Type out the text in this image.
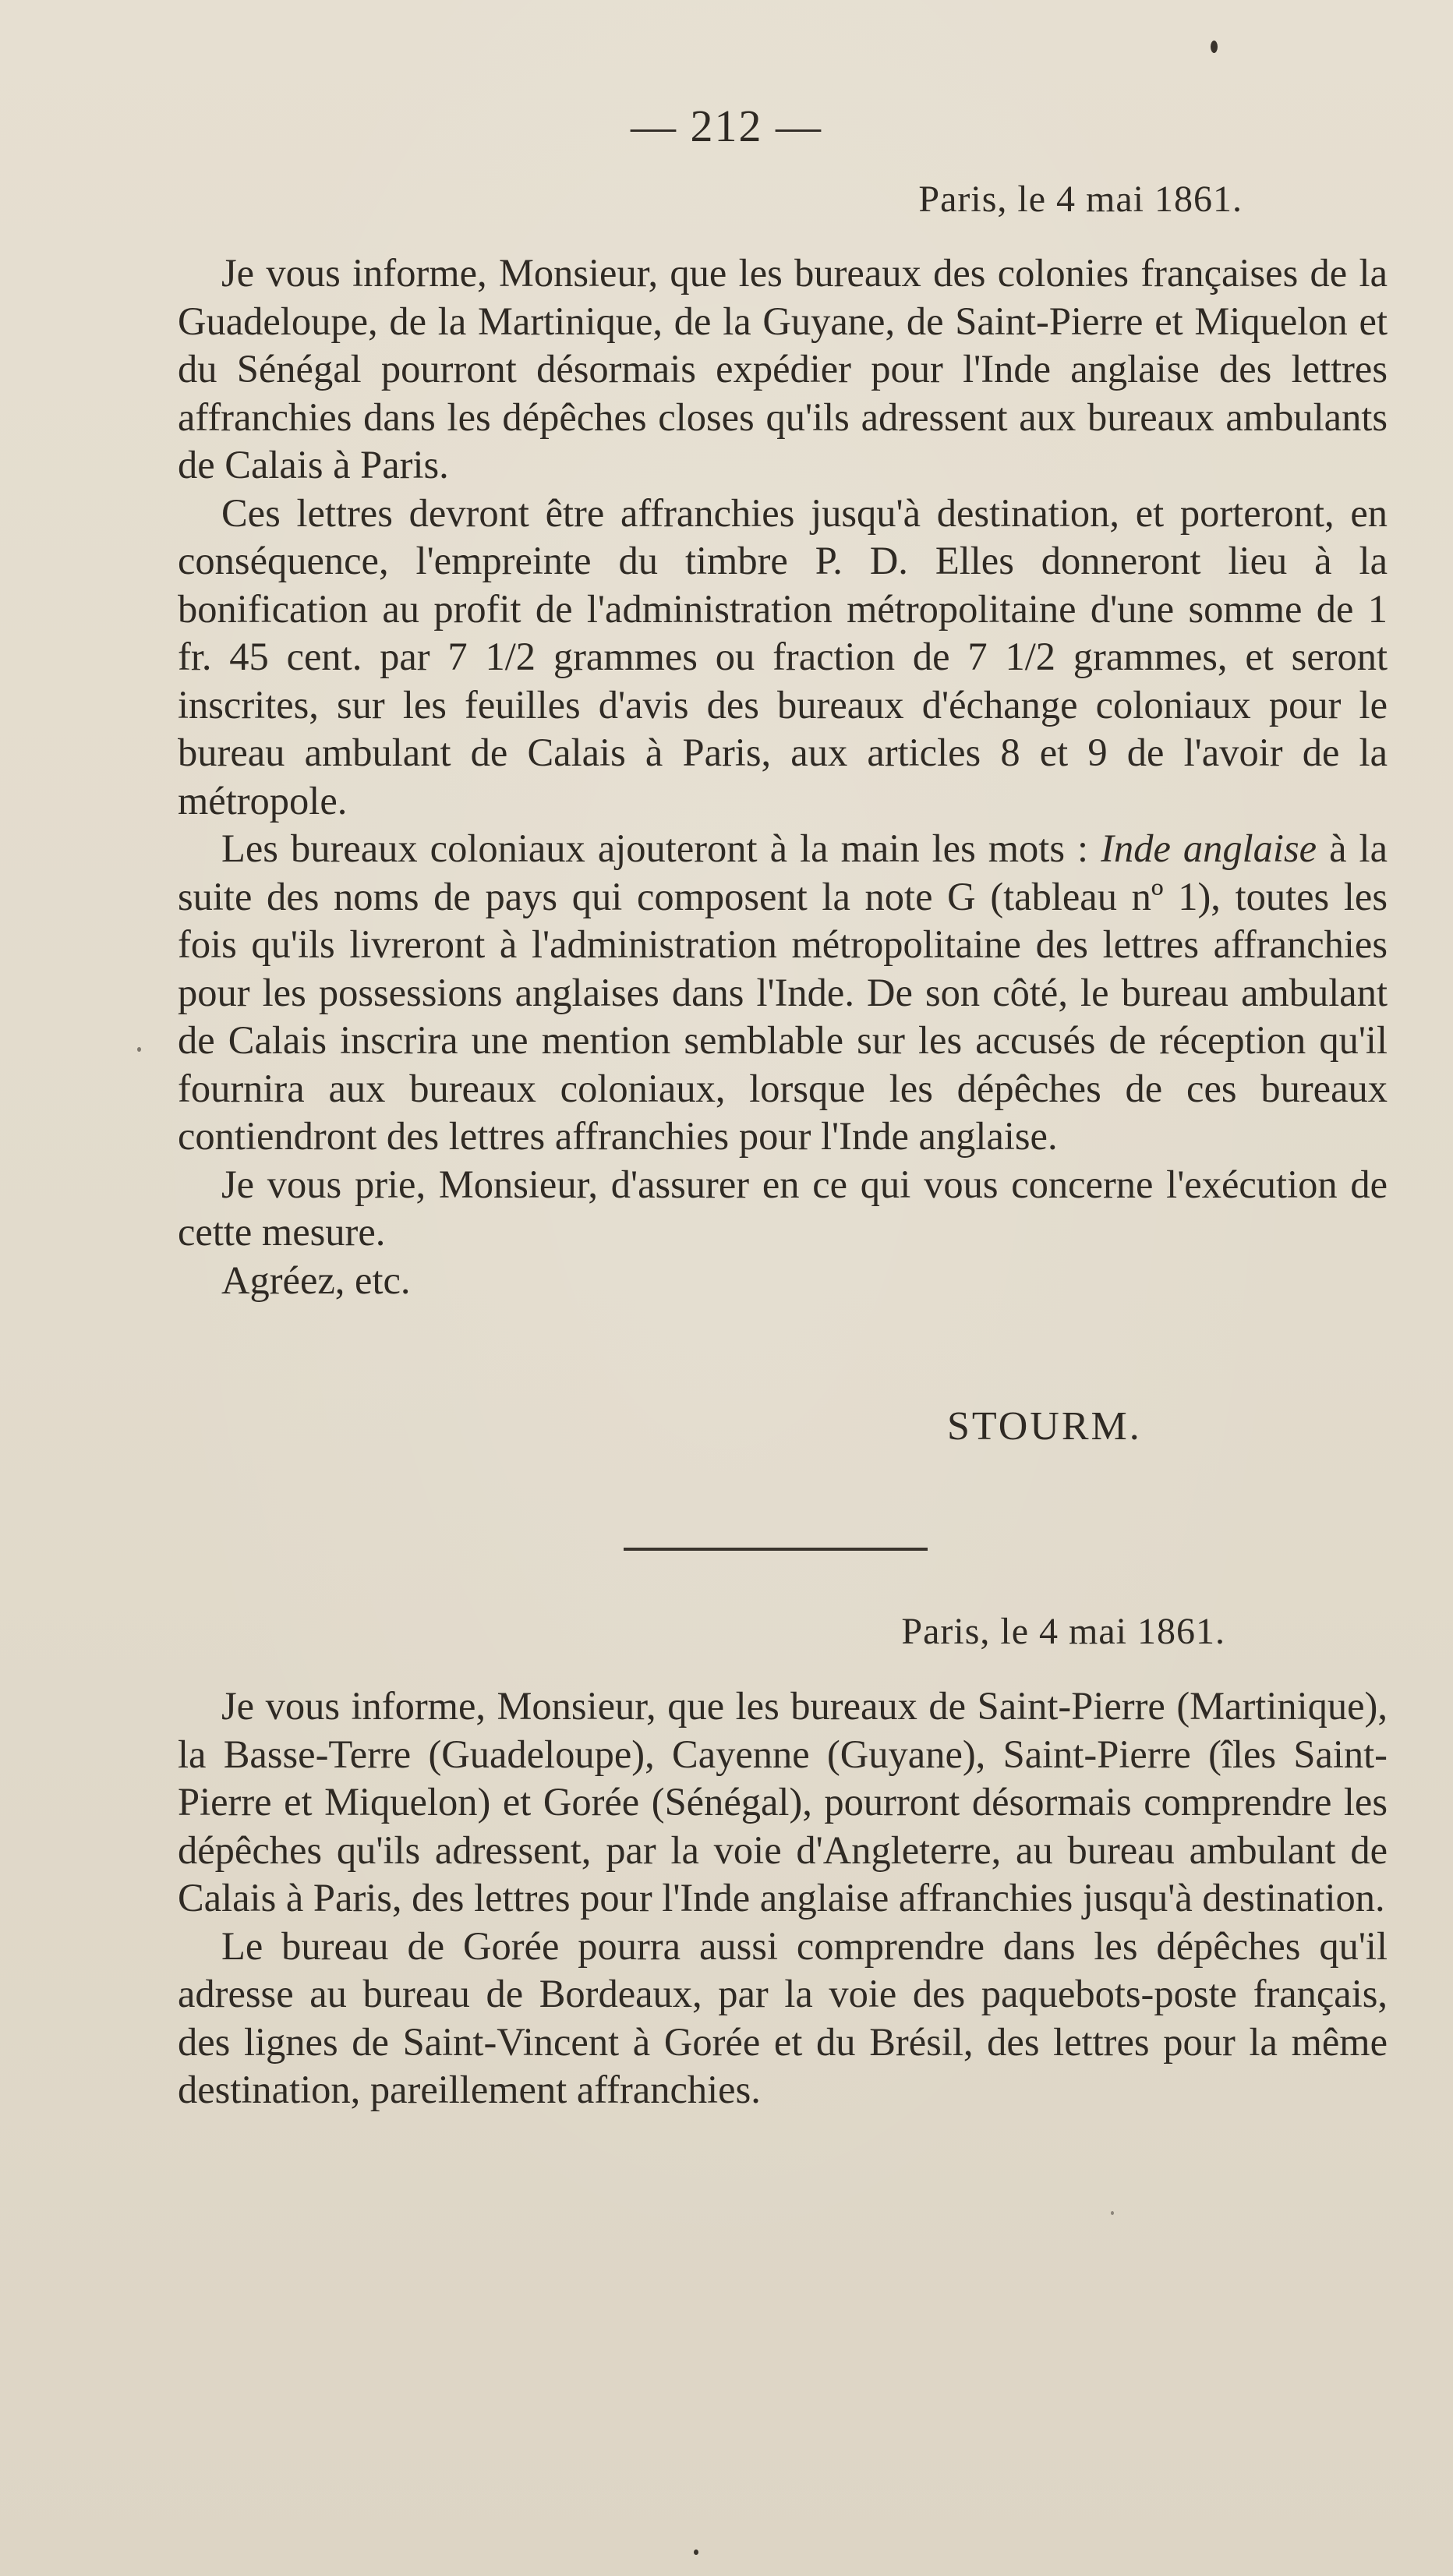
— 212 —
Paris, le 4 mai 1861.

Je vous informe, Monsieur, que les bureaux des colonies françaises de la Guadeloupe, de la Martinique, de la Guyane, de Saint-Pierre et Miquelon et du Sénégal pourront désormais expédier pour l'Inde anglaise des lettres affranchies dans les dépêches closes qu'ils adressent aux bureaux ambulants de Calais à Paris.

Ces lettres devront être affranchies jusqu'à destination, et porteront, en conséquence, l'empreinte du timbre P. D. Elles donneront lieu à la bonification au profit de l'administration métropolitaine d'une somme de 1 fr. 45 cent. par 7 1/2 grammes ou fraction de 7 1/2 grammes, et seront inscrites, sur les feuilles d'avis des bureaux d'échange coloniaux pour le bureau ambulant de Calais à Paris, aux articles 8 et 9 de l'avoir de la métropole.

Les bureaux coloniaux ajouteront à la main les mots : Inde anglaise à la suite des noms de pays qui composent la note G (tableau nº 1), toutes les fois qu'ils livreront à l'administration métropolitaine des lettres affranchies pour les possessions anglaises dans l'Inde. De son côté, le bureau ambulant de Calais inscrira une mention semblable sur les accusés de réception qu'il fournira aux bureaux coloniaux, lorsque les dépêches de ces bureaux contiendront des lettres affranchies pour l'Inde anglaise.

Je vous prie, Monsieur, d'assurer en ce qui vous concerne l'exécution de cette mesure.

Agréez, etc.

STOURM.
Paris, le 4 mai 1861.

Je vous informe, Monsieur, que les bureaux de Saint-Pierre (Martinique), la Basse-Terre (Guadeloupe), Cayenne (Guyane), Saint-Pierre (îles Saint-Pierre et Miquelon) et Gorée (Sénégal), pourront désormais comprendre les dépêches qu'ils adressent, par la voie d'Angleterre, au bureau ambulant de Calais à Paris, des lettres pour l'Inde anglaise affranchies jusqu'à destination.

Le bureau de Gorée pourra aussi comprendre dans les dépêches qu'il adresse au bureau de Bordeaux, par la voie des paquebots-poste français, des lignes de Saint-Vincent à Gorée et du Brésil, des lettres pour la même destination, pareillement affranchies.
